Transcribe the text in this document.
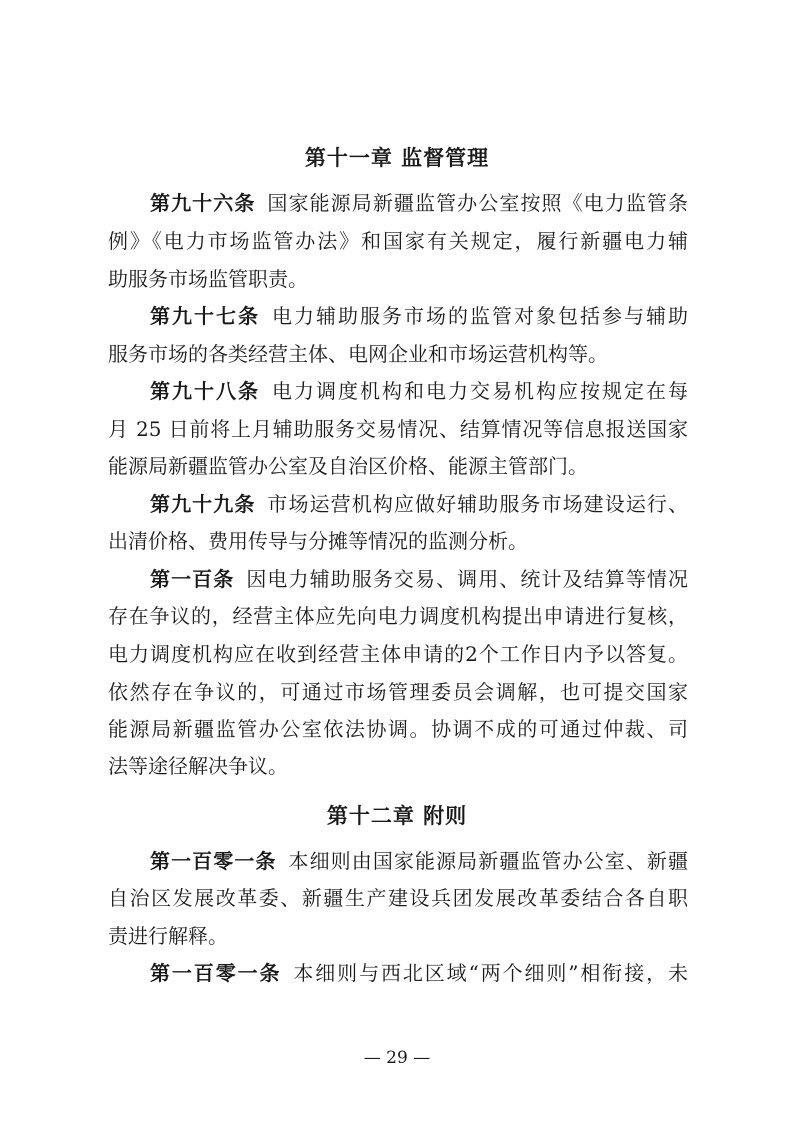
第十一章 监督管理

第九十六条 国家能源局新疆监管办公室按照《电力监管条

例》《电力市场监管办法》和国家有关规定，履行新疆电力辅

助服务市场监管职责。

第九十七条 电力辅助服务市场的监管对象包括参与辅助

服务市场的各类经营主体、电网企业和市场运营机构等。

第九十八条 电力调度机构和电力交易机构应按规定在每

月 25 日前将上月辅助服务交易情况、结算情况等信息报送国家

能源局新疆监管办公室及自治区价格、能源主管部门。

第九十九条 市场运营机构应做好辅助服务市场建设运行、

出清价格、费用传导与分摊等情况的监测分析。

第一百条 因电力辅助服务交易、调用、统计及结算等情况

存在争议的，经营主体应先向电力调度机构提出申请进行复核，

电力调度机构应在收到经营主体申请的2个工作日内予以答复。

依然存在争议的，可通过市场管理委员会调解，也可提交国家

能源局新疆监管办公室依法协调。协调不成的可通过仲裁、司

法等途径解决争议。

第十二章 附则

第一百零一条 本细则由国家能源局新疆监管办公室、新疆

自治区发展改革委、新疆生产建设兵团发展改革委结合各自职

责进行解释。

第一百零一条 本细则与西北区域“两个细则”相衔接，未

— 29 —
